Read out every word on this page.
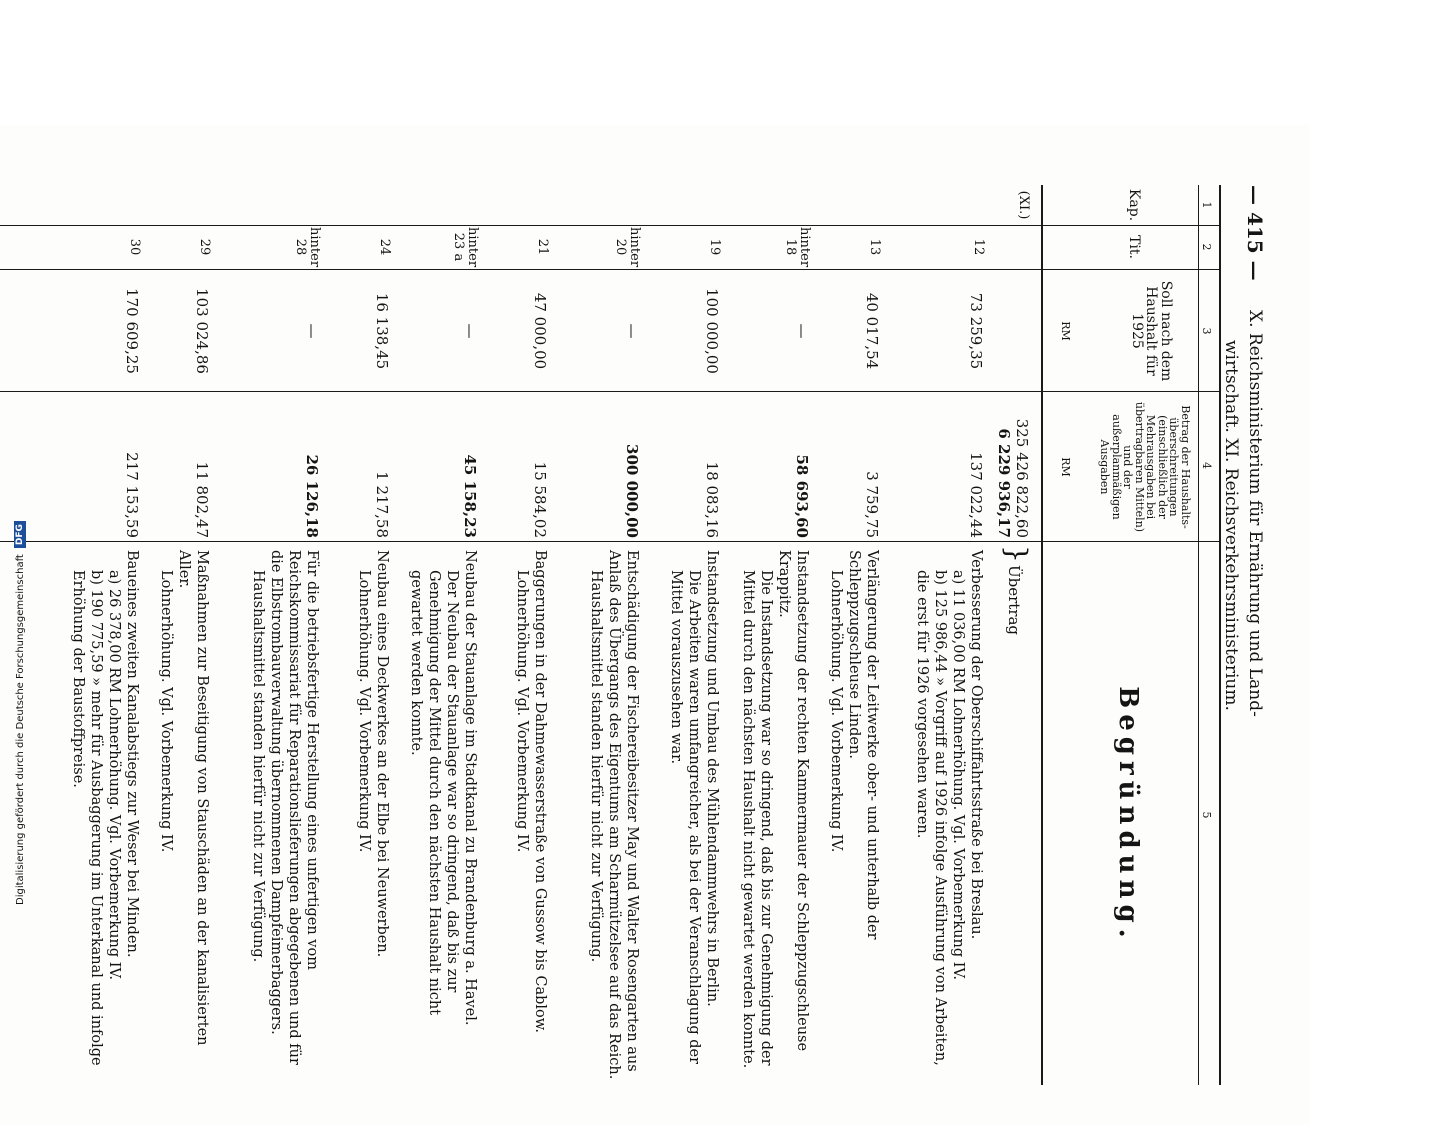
— 415 —
X. Reichsministerium für Ernährung und Land-
wirtschaft. XI. Reichsverkehrsministerium.
1
2
3
4
5
Kap.
Tit.
Soll nach dem Haushalt für 1925
RM
Betrag der Haushalts-überschreitungen (einschließlich der Mehrausgaben bei übertragbaren Mitteln) und der außerplanmäßigen Ausgaben
RM
Begründung.
325 426 822,60
6 229 936,17
}
Übertrag
(XI.)
12
73 259,35
137 022,44

Verbesserung der Oberschiffahrtsstraße bei Breslau.

a) 11 036,00 RM Lohnerhöhung. Vgl. Vorbemerkung IV.

b) 125 986,44 » Vorgriff auf 1926 infolge Ausführung von Arbeiten, die erst für 1926 vorgesehen waren.

13
40 017,54
3 759,75

Verlängerung der Leitwerke ober- und unterhalb der Schleppzugschleuse Linden.

Lohnerhöhung. Vgl. Vorbemerkung IV.

hinter 18
—
58 693,60

Instandsetzung der rechten Kammermauer der Schleppzugschleuse Krappitz.

Die Instandsetzung war so dringend, daß bis zur Genehmigung der Mittel durch den nächsten Haushalt nicht gewartet werden konnte.

19
100 000,00
18 083,16

Instandsetzung und Umbau des Mühlendammwehrs in Berlin.

Die Arbeiten waren umfangreicher, als bei der Veranschlagung der Mittel vorauszusehen war.

hinter 20
—
300 000,00

Entschädigung der Fischereibesitzer May und Walter Rosengarten aus Anlaß des Übergangs des Eigentums am Scharmützelsee auf das Reich.

Haushaltsmittel standen hierfür nicht zur Verfügung.

21
47 000,00
15 584,02

Baggerungen in der Dahmewasserstraße von Gussow bis Cablow.

Lohnerhöhung. Vgl. Vorbemerkung IV.

hinter 23 a
—
45 158,23

Neubau der Stauanlage im Stadtkanal zu Brandenburg a. Havel.

Der Neubau der Stauanlage war so dringend, daß bis zur Genehmigung der Mittel durch den nächsten Haushalt nicht gewartet werden konnte.

24
16 138,45
1 217,58

Neubau eines Deckwerkes an der Elbe bei Neuwerben.

Lohnerhöhung. Vgl. Vorbemerkung IV.

hinter 28
—
26 126,18

Für die betriebsfertige Herstellung eines unfertigen vom Reichskommissariat für Reparationslieferungen abgegebenen und für die Elbstrombauverwaltung übernommenen Dampfeimerbaggers.

Haushaltsmittel standen hierfür nicht zur Verfügung.

29
103 024,86
11 802,47

Maßnahmen zur Beseitigung von Stauschäden an der kanalisierten Aller.

Lohnerhöhung. Vgl. Vorbemerkung IV.

30
170 609,25
217 153,59

Baueines zweiten Kanalabstiegs zur Weser bei Minden.

a) 26 378,00 RM Lohnerhöhung. Vgl. Vorbemerkung IV.

b) 190 775,59 » mehr für Ausbaggerung im Unterkanal und infolge Erhöhung der Baustoffpreise.

Digitalisierung gefördert durch die Deutsche Forschungsgemeinschaft
DFG
